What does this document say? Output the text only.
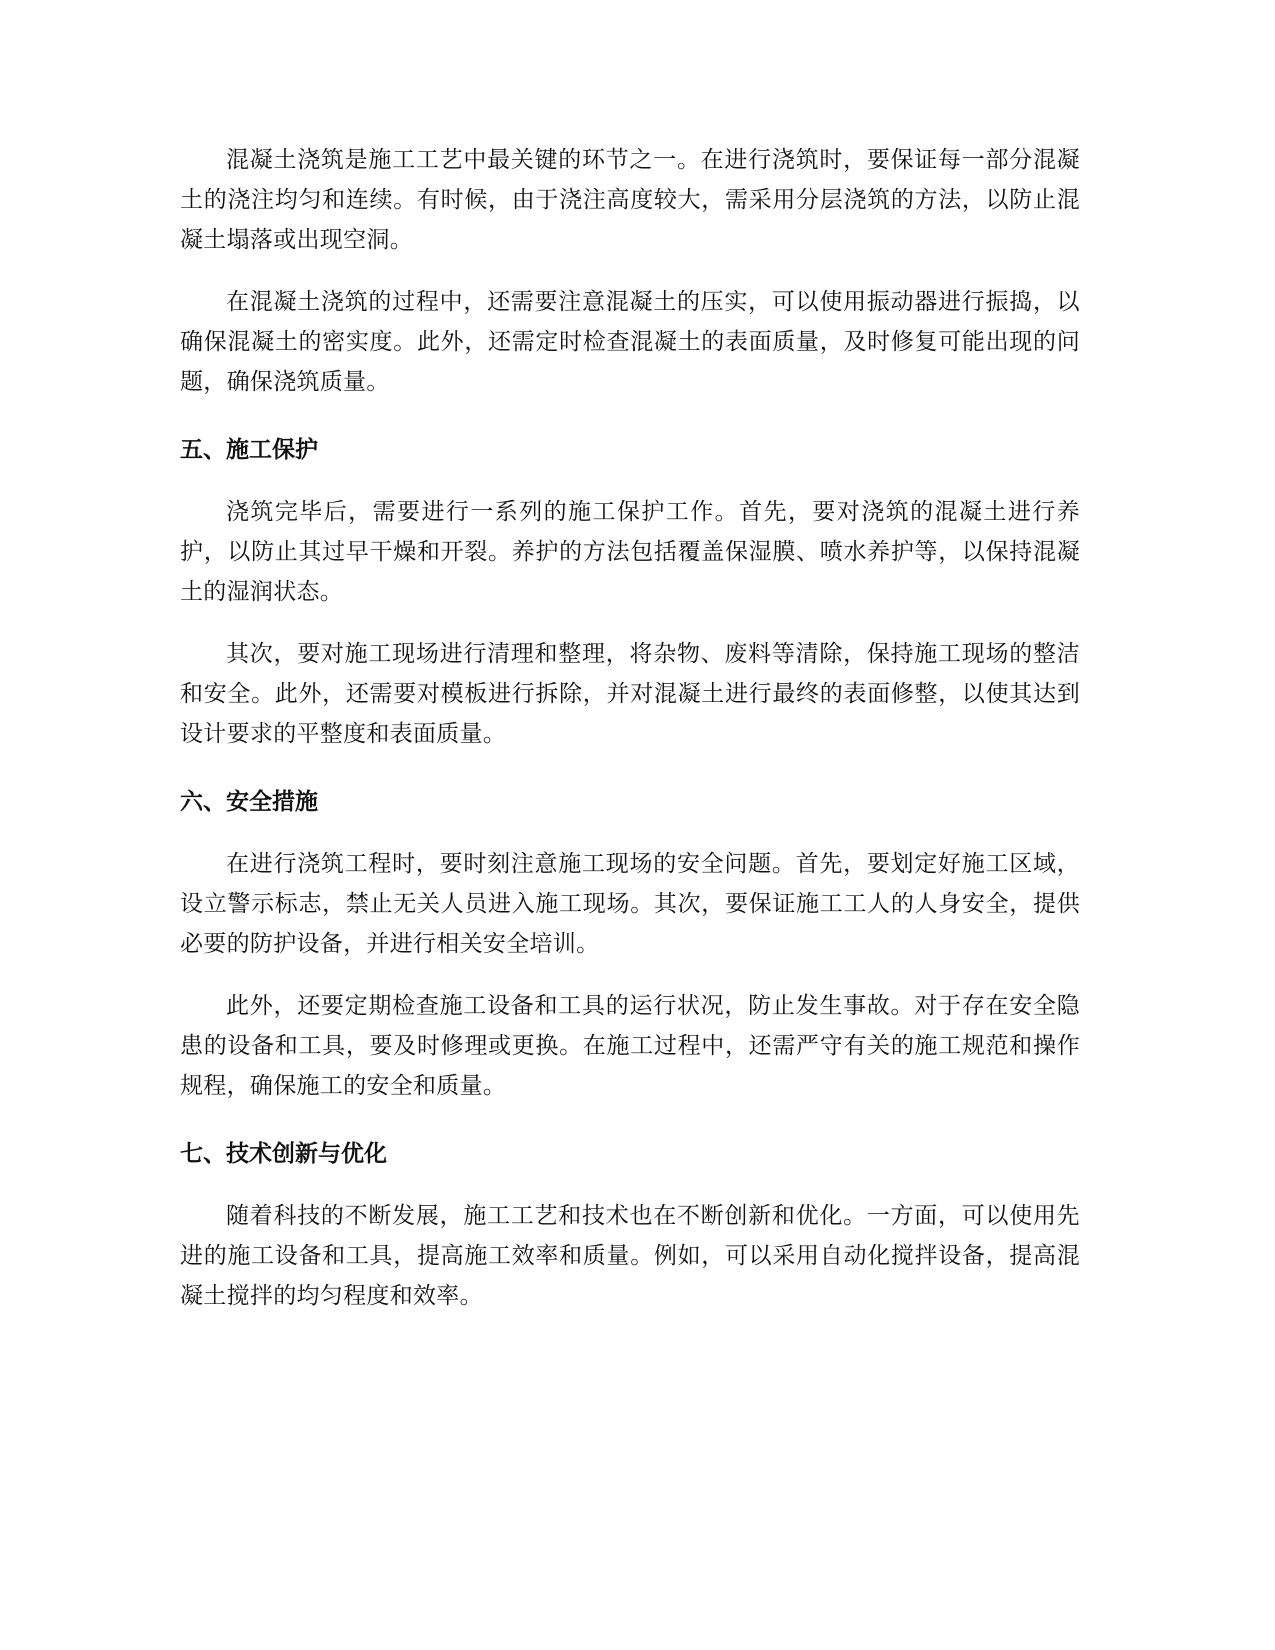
混凝土浇筑是施工工艺中最关键的环节之一。在进行浇筑时，要保证每一部分混凝土的浇注均匀和连续。有时候，由于浇注高度较大，需采用分层浇筑的方法，以防止混凝土塌落或出现空洞。

在混凝土浇筑的过程中，还需要注意混凝土的压实，可以使用振动器进行振捣，以确保混凝土的密实度。此外，还需定时检查混凝土的表面质量，及时修复可能出现的问题，确保浇筑质量。

五、施工保护

浇筑完毕后，需要进行一系列的施工保护工作。首先，要对浇筑的混凝土进行养护，以防止其过早干燥和开裂。养护的方法包括覆盖保湿膜、喷水养护等，以保持混凝土的湿润状态。

其次，要对施工现场进行清理和整理，将杂物、废料等清除，保持施工现场的整洁和安全。此外，还需要对模板进行拆除，并对混凝土进行最终的表面修整，以使其达到设计要求的平整度和表面质量。

六、安全措施

在进行浇筑工程时，要时刻注意施工现场的安全问题。首先，要划定好施工区域，设立警示标志，禁止无关人员进入施工现场。其次，要保证施工工人的人身安全，提供必要的防护设备，并进行相关安全培训。

此外，还要定期检查施工设备和工具的运行状况，防止发生事故。对于存在安全隐患的设备和工具，要及时修理或更换。在施工过程中，还需严守有关的施工规范和操作规程，确保施工的安全和质量。

七、技术创新与优化

随着科技的不断发展，施工工艺和技术也在不断创新和优化。一方面，可以使用先进的施工设备和工具，提高施工效率和质量。例如，可以采用自动化搅拌设备，提高混凝土搅拌的均匀程度和效率。
